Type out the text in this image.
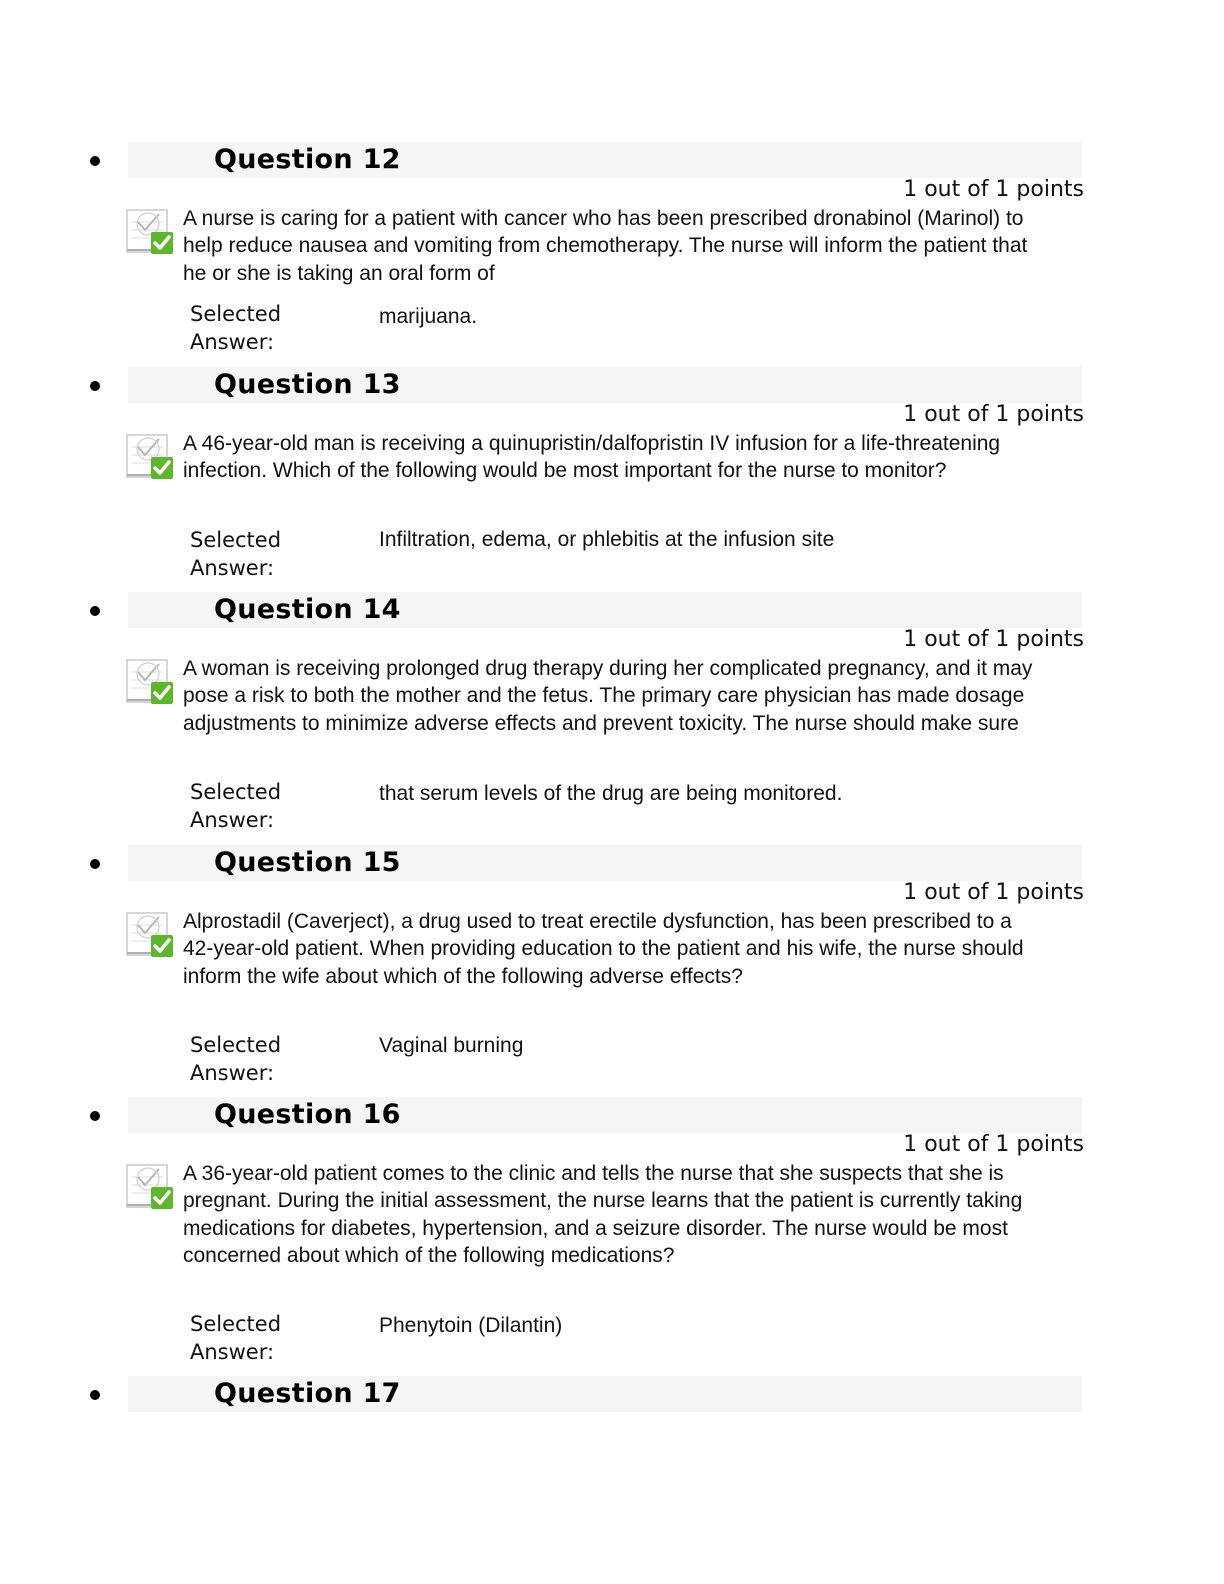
Question 12
1 out of 1 points
A nurse is caring for a patient with cancer who has been prescribed dronabinol (Marinol) to help reduce nausea and vomiting from chemotherapy. The nurse will inform the patient that he or she is taking an oral form of
Selected Answer:
marijuana.
Question 13
1 out of 1 points
A 46-year-old man is receiving a quinupristin/dalfopristin IV infusion for a life-threatening infection. Which of the following would be most important for the nurse to monitor?
Selected Answer:
Infiltration, edema, or phlebitis at the infusion site
Question 14
1 out of 1 points
A woman is receiving prolonged drug therapy during her complicated pregnancy, and it may pose a risk to both the mother and the fetus. The primary care physician has made dosage adjustments to minimize adverse effects and prevent toxicity. The nurse should make sure
Selected Answer:
that serum levels of the drug are being monitored.
Question 15
1 out of 1 points
Alprostadil (Caverject), a drug used to treat erectile dysfunction, has been prescribed to a 42-year-old patient. When providing education to the patient and his wife, the nurse should inform the wife about which of the following adverse effects?
Selected Answer:
Vaginal burning
Question 16
1 out of 1 points
A 36-year-old patient comes to the clinic and tells the nurse that she suspects that she is pregnant. During the initial assessment, the nurse learns that the patient is currently taking medications for diabetes, hypertension, and a seizure disorder. The nurse would be most concerned about which of the following medications?
Selected Answer:
Phenytoin (Dilantin)
Question 17
